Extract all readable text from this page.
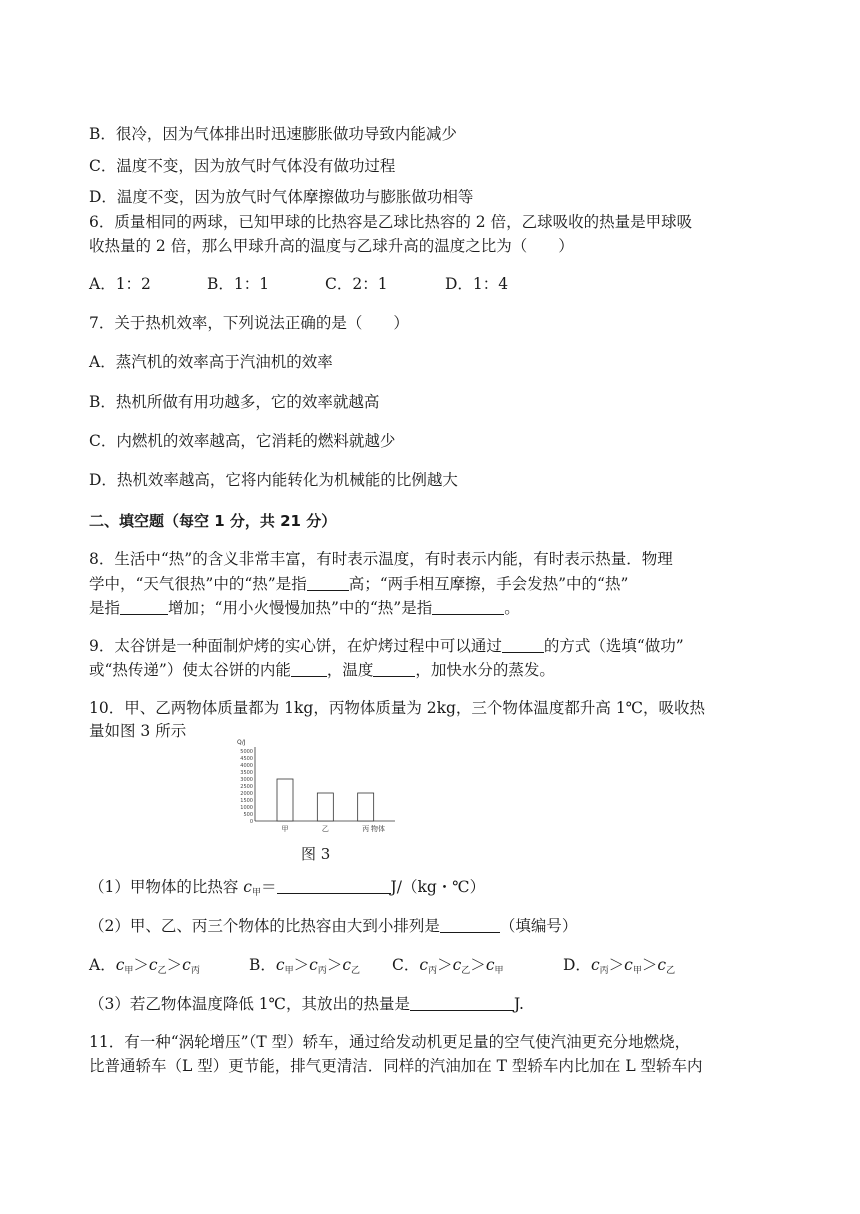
B．很冷，因为气体排出时迅速膨胀做功导致内能减少
C．温度不变，因为放气时气体没有做功过程
D．温度不变，因为放气时气体摩擦做功与膨胀做功相等
6．质量相同的两球，已知甲球的比热容是乙球比热容的 2 倍，乙球吸收的热量是甲球吸
收热量的 2 倍，那么甲球升高的温度与乙球升高的温度之比为（　　）
A．1：2	B．1：1	C．2：1	D．1：4
7．关于热机效率，下列说法正确的是（　　）
A．蒸汽机的效率高于汽油机的效率
B．热机所做有用功越多，它的效率就越高
C．内燃机的效率越高，它消耗的燃料就越少
D．热机效率越高，它将内能转化为机械能的比例越大
二、填空题（每空 1 分，共 21 分）
8．生活中“热”的含义非常丰富，有时表示温度，有时表示内能，有时表示热量．物理
学中，“天气很热”中的“热”是指	高；“两手相互摩擦，手会发热”中的“热”
是指	增加；“用小火慢慢加热”中的“热”是指	。
9．太谷饼是一种面制炉烤的实心饼，在炉烤过程中可以通过	的方式（选填“做功”
或“热传递”）使太谷饼的内能 ，温度	，加快水分的蒸发。
10．甲、乙两物体质量都为 1kg，丙物体质量为 2kg，三个物体温度都升高 1℃，吸收热
量如图 3 所示
Q/J
0
500
1000
1500
2000
2500
3000
3500
4000
4500
5000
甲	乙	丙 物体
图 3
（1）甲物体的比热容 $c_甲=$	J/（kg・℃）
（2）甲、乙、丙三个物体的比热容由大到小排列是	（填编号）
A．$c_甲>c_乙>c_丙$	B．$c_甲>c_丙>c_乙$ C．$c_丙>c_乙>c_甲$	D．$c_丙>c_甲>c_乙$
（3）若乙物体温度降低 1℃，其放出的热量是	J.
11．有一种“涡轮增压”（T 型）轿车，通过给发动机更足量的空气使汽油更充分地燃烧，
比普通轿车（L 型）更节能，排气更清洁．同样的汽油加在 T 型轿车内比加在 L 型轿车内
